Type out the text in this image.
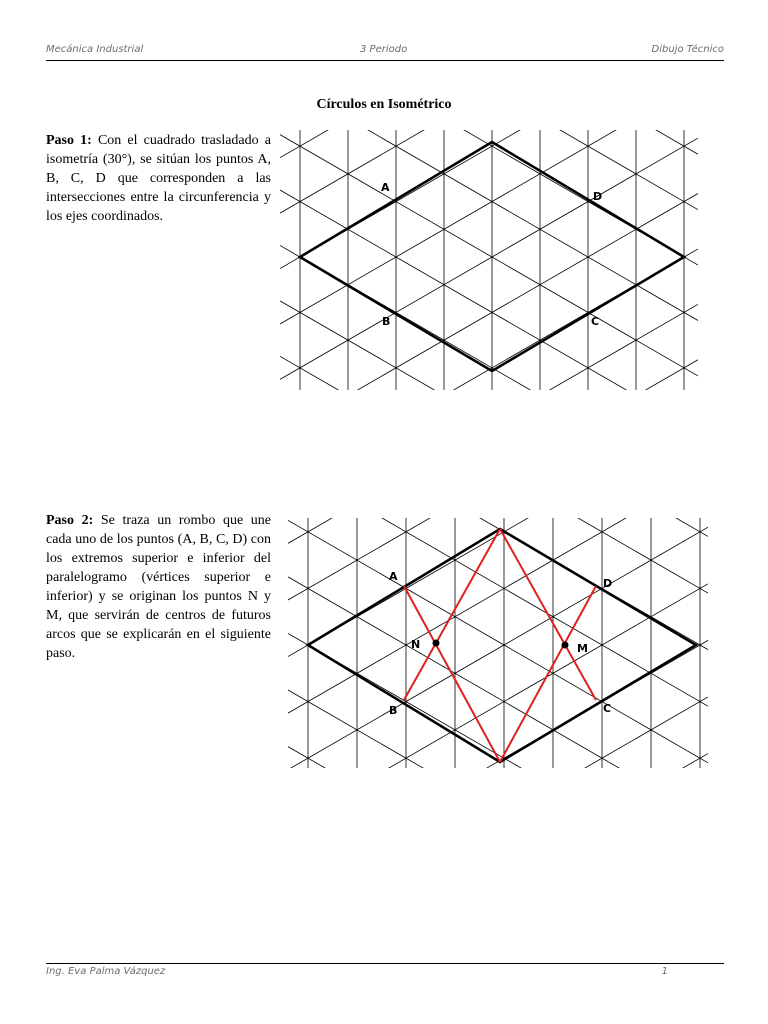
Mecánica Industrial	3 Periodo	Dibujo Técnico
Círculos en Isométrico
Paso 1: Con el cuadrado trasladado a isometría (30°), se sitúan los puntos A, B, C, D que corresponden a las intersecciones entre la circunferencia y los ejes coordinados.
A
B	C
D
Paso 2: Se traza un rombo que une cada uno de los puntos (A, B, C, D) con los extremos superior e inferior del paralelogramo (vértices superior e inferior) y se originan los puntos N y M, que servirán de centros de futuros arcos que se explicarán en el siguiente paso.
A
B	C
D
N	M
Ing. Eva Palma Vázquez	1
